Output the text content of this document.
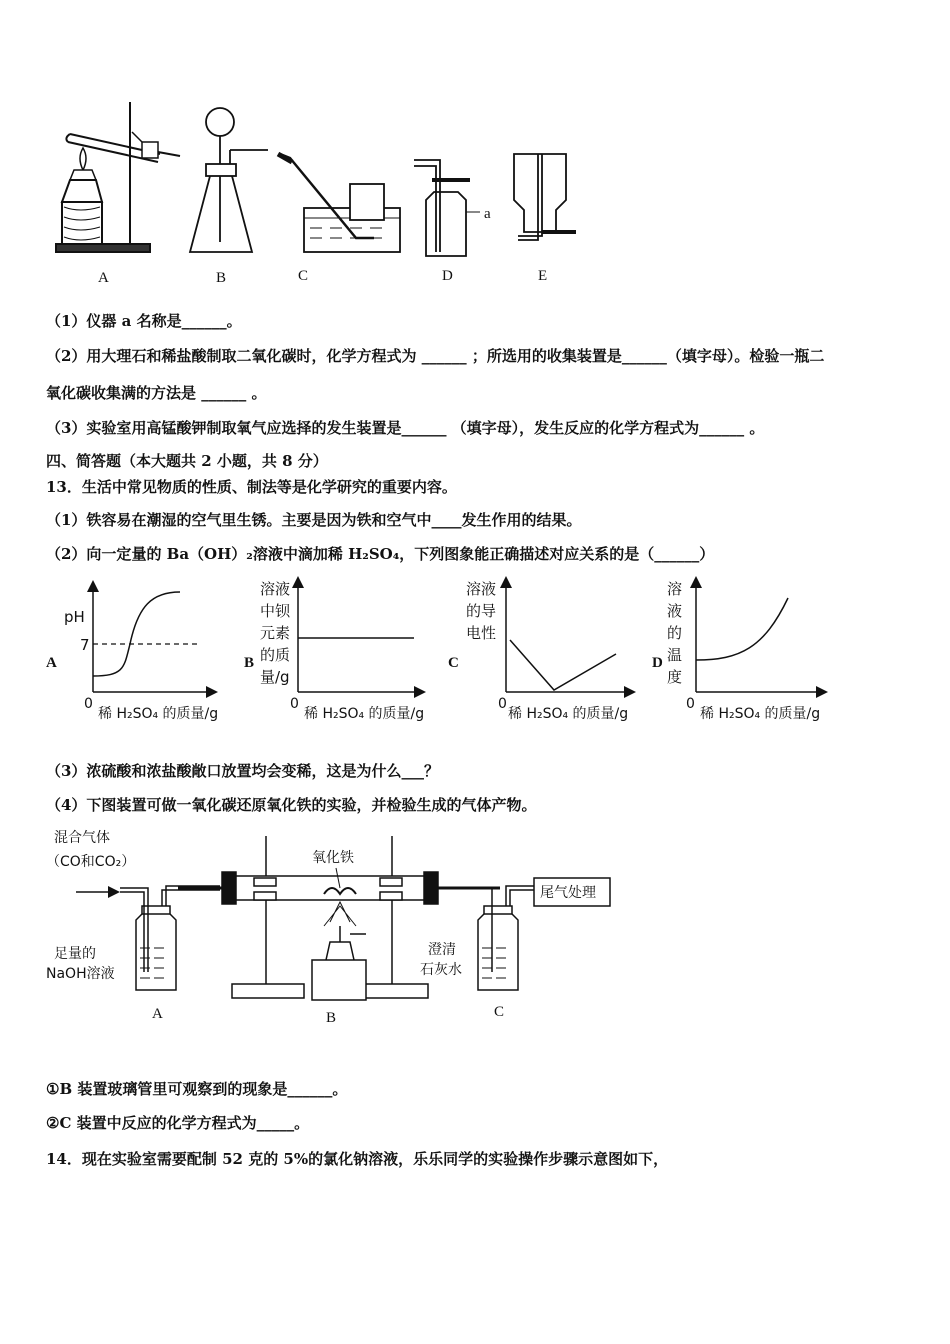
A	B	C
a
D	E
（1）仪器 a 名称是______。
（2）用大理石和稀盐酸制取二氧化碳时，化学方程式为 ______ ；所选用的收集装置是______（填字母）。检验一瓶二
氧化碳收集满的方法是 ______ 。
（3）实验室用高锰酸钾制取氧气应选择的发生装置是______ （填字母），发生反应的化学方程式为______ 。
四、简答题（本大题共 2 小题，共 8 分）
13．生活中常见物质的性质、制法等是化学研究的重要内容。
（1）铁容易在潮湿的空气里生锈。主要是因为铁和空气中____发生作用的结果。
（2）向一定量的 Ba（OH）₂溶液中滴加稀 H₂SO₄，下列图象能正确描述对应关系的是（______）
A
pH
7
0
稀 H₂SO₄ 的质量/g
B
溶液
中钡
元素
的质
量/g
0
稀 H₂SO₄ 的质量/g
C
溶液
的导
电性
0
稀 H₂SO₄ 的质量/g
D
溶
液
的
温
度
0
稀 H₂SO₄ 的质量/g
（3）浓硫酸和浓盐酸敞口放置均会变稀，这是为什么___？
（4）下图装置可做一氧化碳还原氧化铁的实验，并检验生成的气体产物。
混合气体
（CO和CO₂）
足量的
NaOH溶液
A
氧化铁
B
澄清
石灰水
C
尾气处理
①B 装置玻璃管里可观察到的现象是______。
②C 装置中反应的化学方程式为_____。
14．现在实验室需要配制 52 克的 5%的氯化钠溶液，乐乐同学的实验操作步骤示意图如下，
